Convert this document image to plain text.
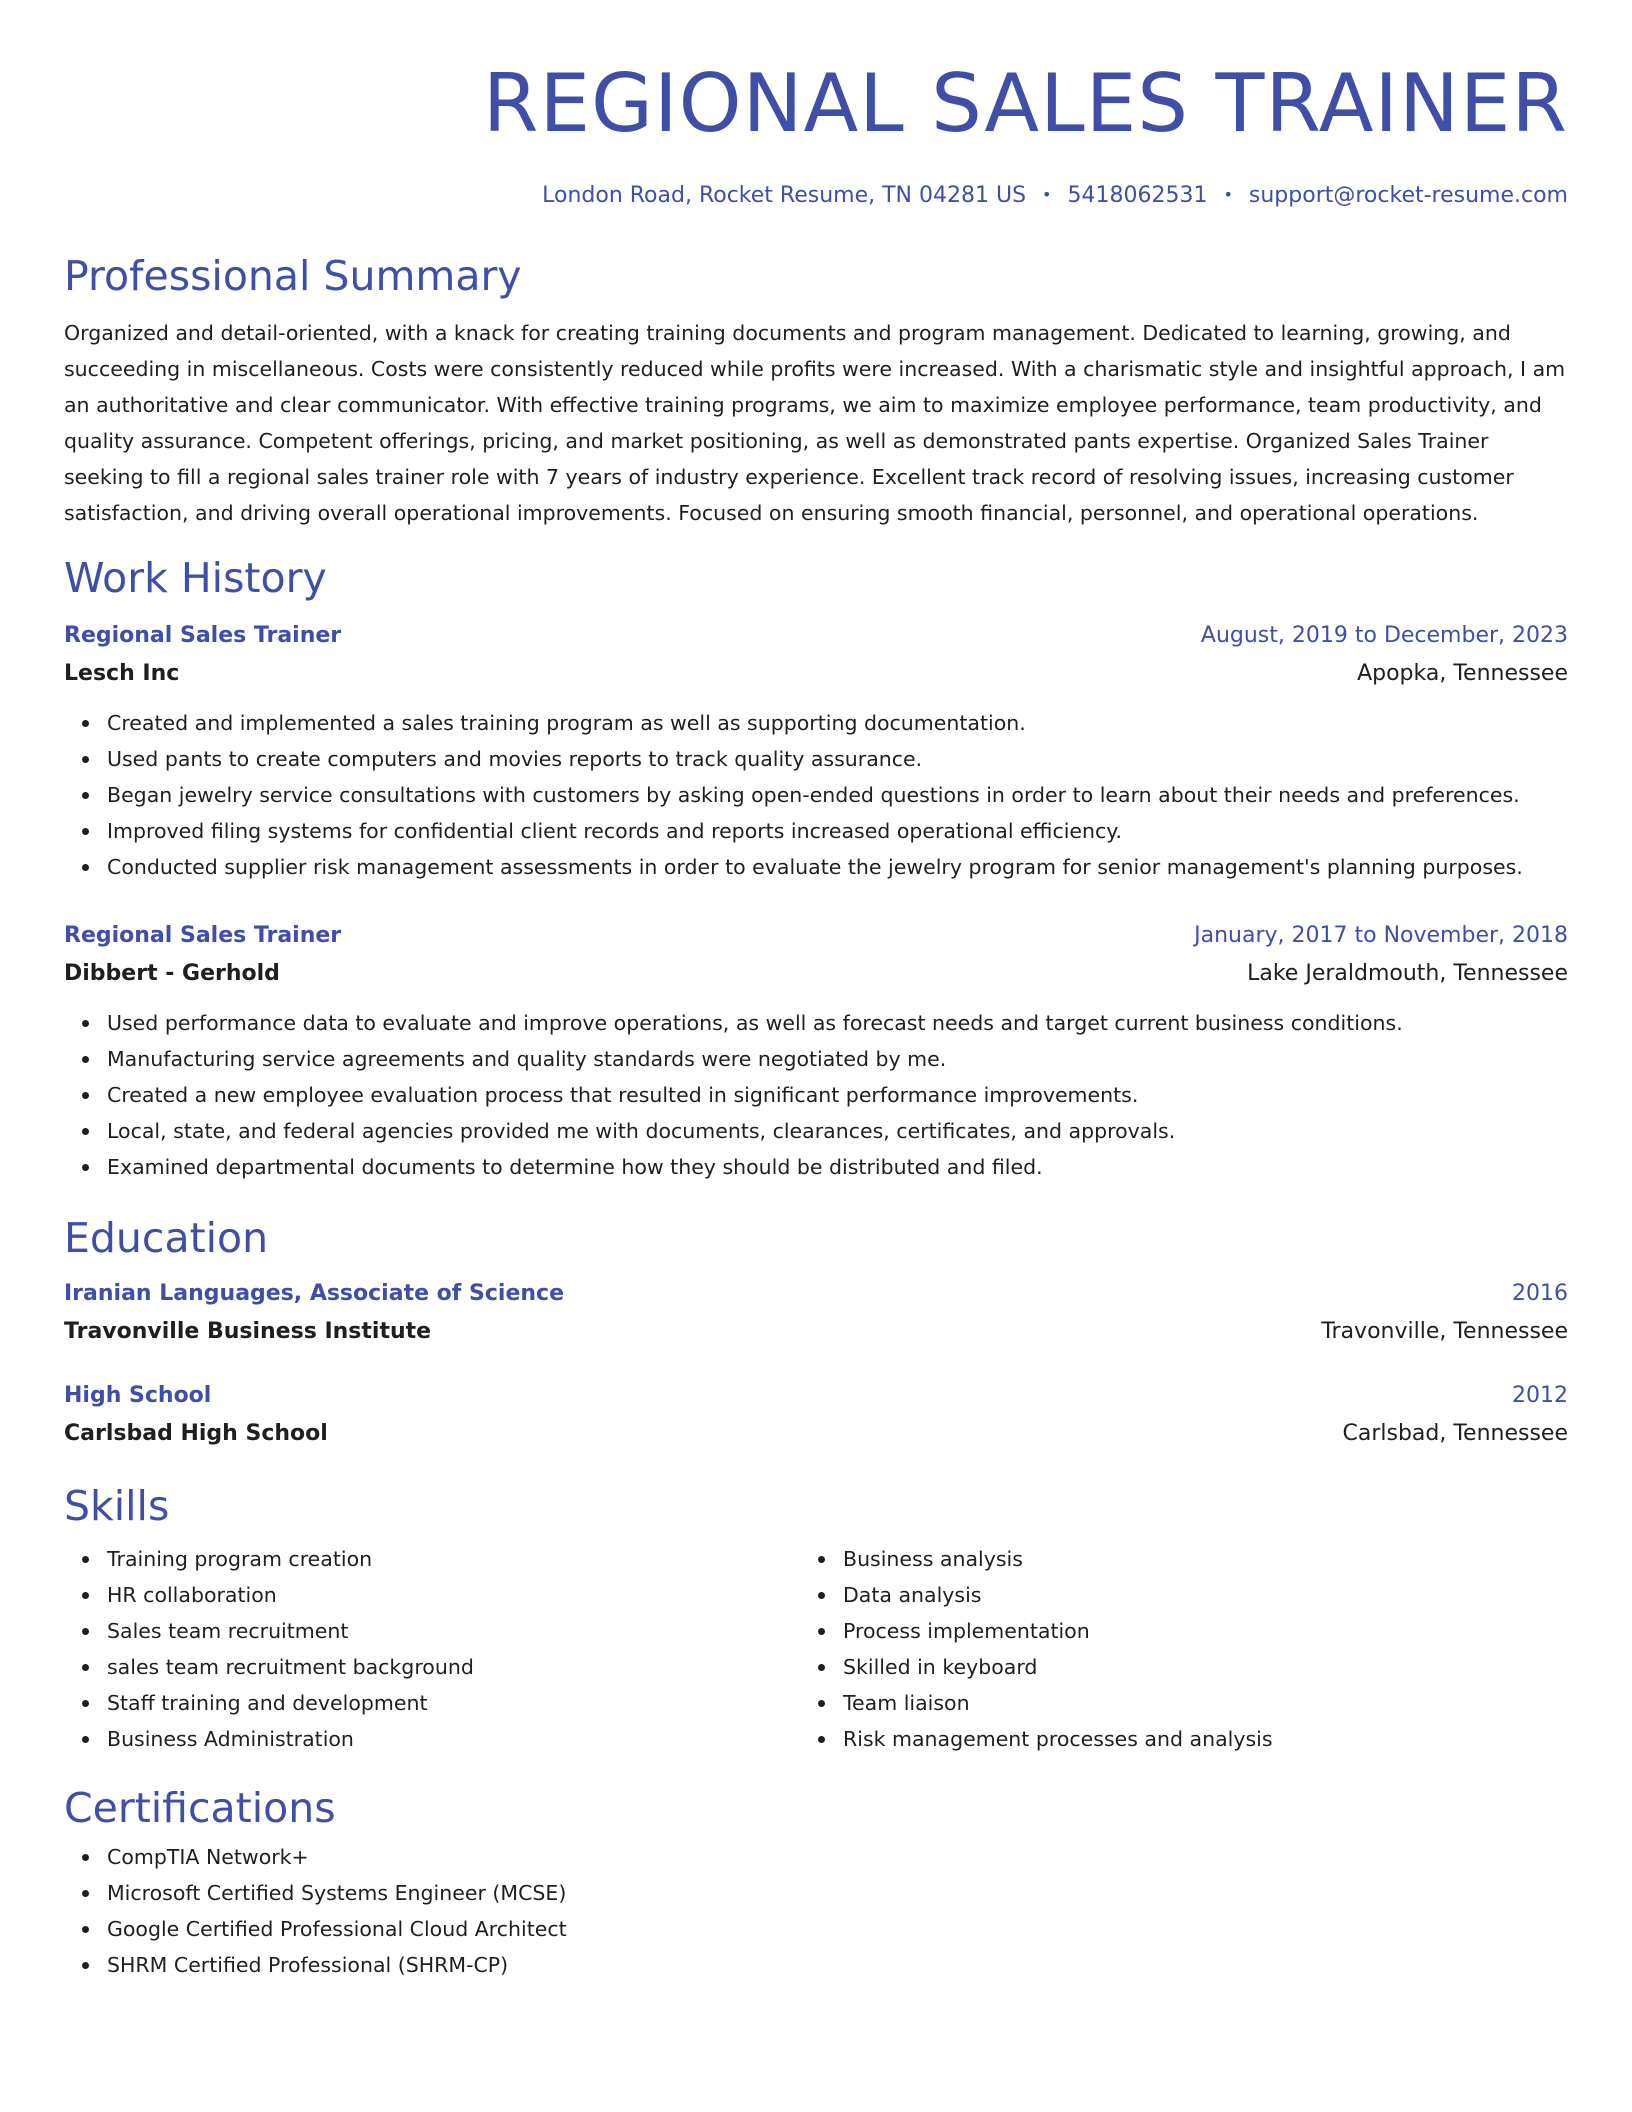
REGIONAL SALES TRAINER
London Road, Rocket Resume, TN 04281 US • 5418062531 • support@rocket-resume.com
Professional Summary
Organized and detail-oriented, with a knack for creating training documents and program management. Dedicated to learning, growing, and succeeding in miscellaneous. Costs were consistently reduced while profits were increased. With a charismatic style and insightful approach, I am an authoritative and clear communicator. With effective training programs, we aim to maximize employee performance, team productivity, and quality assurance. Competent offerings, pricing, and market positioning, as well as demonstrated pants expertise. Organized Sales Trainer seeking to fill a regional sales trainer role with 7 years of industry experience. Excellent track record of resolving issues, increasing customer satisfaction, and driving overall operational improvements. Focused on ensuring smooth financial, personnel, and operational operations.
Work History
Regional Sales Trainer	August, 2019 to December, 2023
Lesch Inc	Apopka, Tennessee
Created and implemented a sales training program as well as supporting documentation.
Used pants to create computers and movies reports to track quality assurance.
Began jewelry service consultations with customers by asking open-ended questions in order to learn about their needs and preferences.
Improved filing systems for confidential client records and reports increased operational efficiency.
Conducted supplier risk management assessments in order to evaluate the jewelry program for senior management's planning purposes.
Regional Sales Trainer	January, 2017 to November, 2018
Dibbert - Gerhold	Lake Jeraldmouth, Tennessee
Used performance data to evaluate and improve operations, as well as forecast needs and target current business conditions.
Manufacturing service agreements and quality standards were negotiated by me.
Created a new employee evaluation process that resulted in significant performance improvements.
Local, state, and federal agencies provided me with documents, clearances, certificates, and approvals.
Examined departmental documents to determine how they should be distributed and filed.
Education
Iranian Languages, Associate of Science	2016
Travonville Business Institute	Travonville, Tennessee
High School	2012
Carlsbad High School	Carlsbad, Tennessee
Skills
Training program creation
HR collaboration
Sales team recruitment
sales team recruitment background
Staff training and development
Business Administration
Business analysis
Data analysis
Process implementation
Skilled in keyboard
Team liaison
Risk management processes and analysis
Certifications
CompTIA Network+
Microsoft Certified Systems Engineer (MCSE)
Google Certified Professional Cloud Architect
SHRM Certified Professional (SHRM-CP)
